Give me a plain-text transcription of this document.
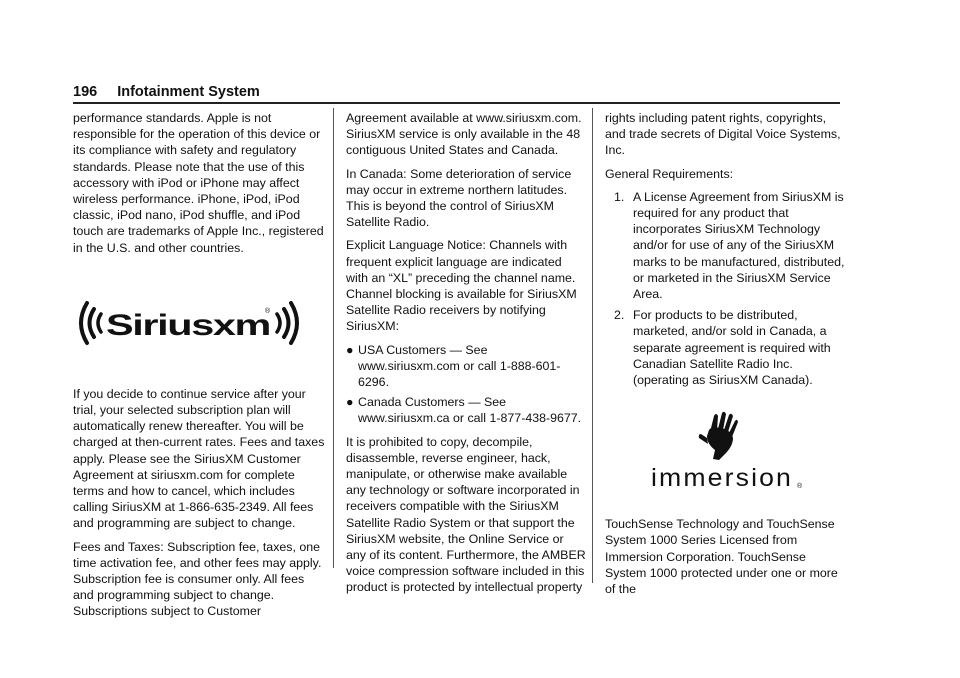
196 Infotainment System

performance standards. Apple is not responsible for the operation of this device or its compliance with safety and regulatory standards. Please note that the use of this accessory with iPod or iPhone may affect wireless performance. iPhone, iPod, iPod classic, iPod nano, iPod shuffle, and iPod touch are trademarks of Apple Inc., registered in the U.S. and other countries.

Siriusxm
®

If you decide to continue service after your trial, your selected subscription plan will automatically renew thereafter. You will be charged at then-current rates. Fees and taxes apply. Please see the SiriusXM Customer Agreement at siriusxm.com for complete terms and how to cancel, which includes calling SiriusXM at 1-866-635-2349. All fees and programming are subject to change.

Fees and Taxes: Subscription fee, taxes, one time activation fee, and other fees may apply. Subscription fee is consumer only. All fees and programming subject to change. Subscriptions subject to Customer

Agreement available at www.siriusxm.com. SiriusXM service is only available in the 48 contiguous United States and Canada.

In Canada: Some deterioration of service may occur in extreme northern latitudes. This is beyond the control of SiriusXM Satellite Radio.

Explicit Language Notice: Channels with frequent explicit language are indicated with an “XL” preceding the channel name. Channel blocking is available for SiriusXM Satellite Radio receivers by notifying SiriusXM:

● USA Customers — See www.siriusxm.com or call 1-888-601-6296.
● Canada Customers — See www.siriusxm.ca or call 1-877-438-9677.

It is prohibited to copy, decompile, disassemble, reverse engineer, hack, manipulate, or otherwise make available any technology or software incorporated in receivers compatible with the SiriusXM Satellite Radio System or that support the SiriusXM website, the Online Service or any of its content. Furthermore, the AMBER voice compression software included in this product is protected by intellectual property

rights including patent rights, copyrights, and trade secrets of Digital Voice Systems, Inc.

General Requirements:

1. A License Agreement from SiriusXM is required for any product that incorporates SiriusXM Technology and/or for use of any of the SiriusXM marks to be manufactured, distributed, or marketed in the SiriusXM Service Area.
2. For products to be distributed, marketed, and/or sold in Canada, a separate agreement is required with Canadian Satellite Radio Inc. (operating as SiriusXM Canada).
immersion ®

TouchSense Technology and TouchSense System 1000 Series Licensed from Immersion Corporation. TouchSense System 1000 protected under one or more of the
